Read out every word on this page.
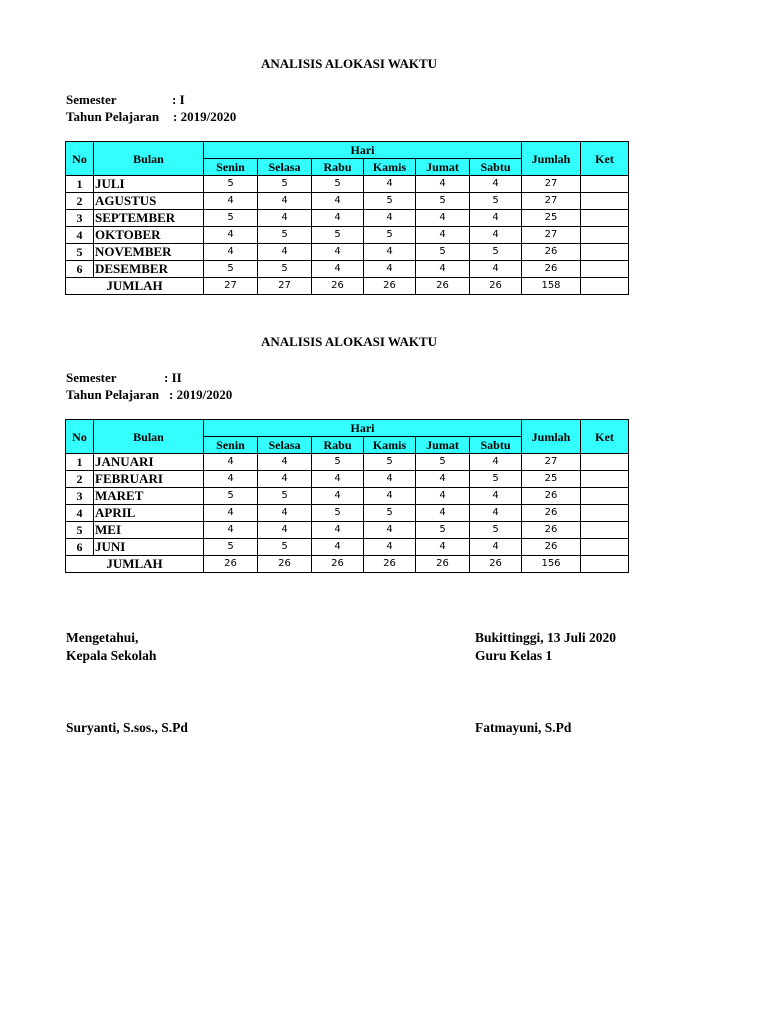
ANALISIS ALOKASI WAKTU
Semester	: I
Tahun Pelajaran	: 2019/2020
No	Bulan	Hari						Jumlah	Ket
		Senin	Selasa	Rabu	Kamis	Jumat	Sabtu		
1	JULI	5	5	5	4	4	4	27	
2	AGUSTUS	4	4	4	5	5	5	27	
3	SEPTEMBER	5	4	4	4	4	4	25	
4	OKTOBER	4	5	5	5	4	4	27	
5	NOVEMBER	4	4	4	4	5	5	26	
6	DESEMBER	5	5	4	4	4	4	26	
JUMLAH		27	27	26	26	26	26	158	
ANALISIS ALOKASI WAKTU
Semester	: II
Tahun Pelajaran : 2019/2020
No	Bulan	Hari						Jumlah	Ket
		Senin	Selasa	Rabu	Kamis	Jumat	Sabtu		
1	JANUARI	4	4	5	5	5	4	27	
2	FEBRUARI	4	4	4	4	4	5	25	
3	MARET	5	5	4	4	4	4	26	
4	APRIL	4	4	5	5	4	4	26	
5	MEI	4	4	4	4	5	5	26	
6	JUNI	5	5	4	4	4	4	26	
JUMLAH		26	26	26	26	26	26	156	
Mengetahui,
Kepala Sekolah
Suryanti, S.sos., S.Pd
Bukittinggi, 13 Juli 2020
Guru Kelas 1
Fatmayuni, S.Pd
